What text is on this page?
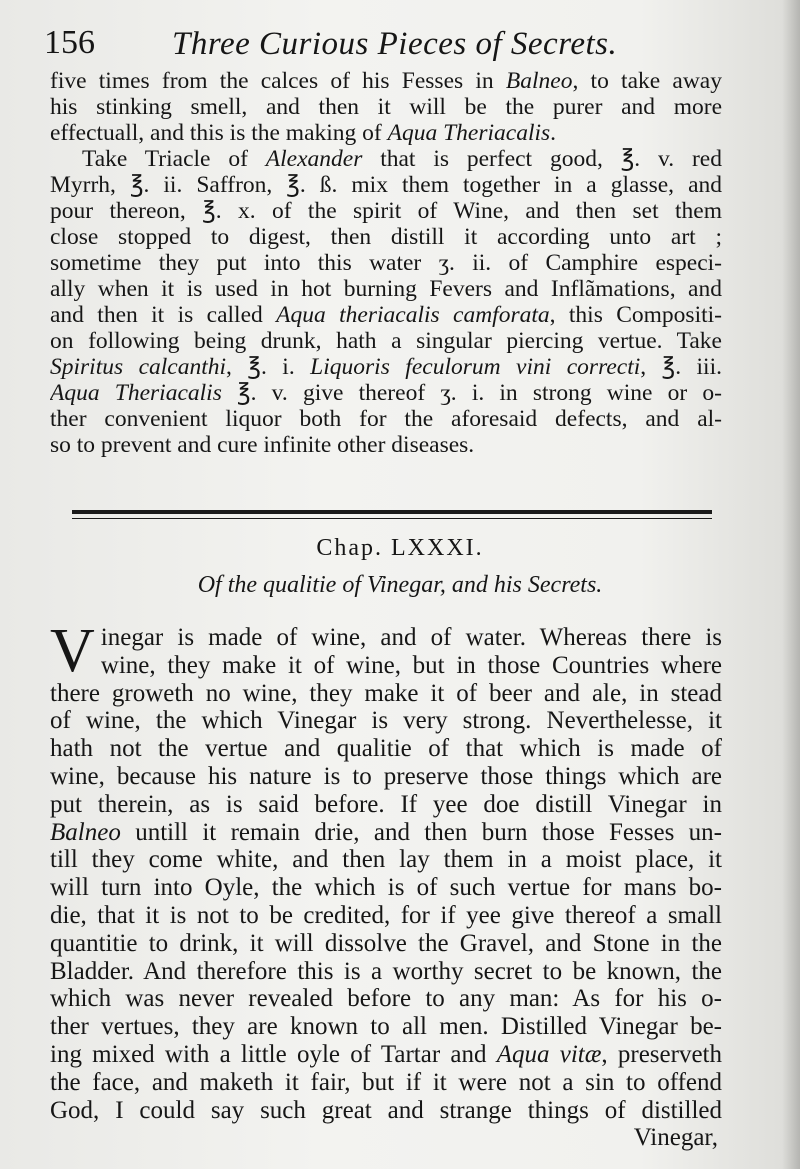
156 Three Curious Pieces of Secrets.
five times from the calces of his Fesses in Balneo, to take away
his stinking smell, and then it will be the purer and more
effectuall, and this is the making of Aqua Theriacalis.
Take Triacle of Alexander that is perfect good, ℥. v. red
Myrrh, ℥. ii. Saffron, ℥. ß. mix them together in a glasse, and
pour thereon, ℥. x. of the spirit of Wine, and then set them
close stopped to digest, then distill it according unto art ;
sometime they put into this water ʒ. ii. of Camphire especi-
ally when it is used in hot burning Fevers and Inflãmations, and
and then it is called Aqua theriacalis camforata, this Compositi-
on following being drunk, hath a singular piercing vertue. Take
Spiritus calcanthi, ℥. i. Liquoris feculorum vini correcti, ℥. iii.
Aqua Theriacalis ℥. v. give thereof ʒ. i. in strong wine or o-
ther convenient liquor both for the aforesaid defects, and al-
so to prevent and cure infinite other diseases.
Chap. LXXXI.
Of the qualitie of Vinegar, and his Secrets.
V inegar is made of wine, and of water. Whereas there is
wine, they make it of wine, but in those Countries where
there groweth no wine, they make it of beer and ale, in stead
of wine, the which Vinegar is very strong. Neverthelesse, it
hath not the vertue and qualitie of that which is made of
wine, because his nature is to preserve those things which are
put therein, as is said before. If yee doe distill Vinegar in
Balneo untill it remain drie, and then burn those Fesses un-
till they come white, and then lay them in a moist place, it
will turn into Oyle, the which is of such vertue for mans bo-
die, that it is not to be credited, for if yee give thereof a small
quantitie to drink, it will dissolve the Gravel, and Stone in the
Bladder. And therefore this is a worthy secret to be known, the
which was never revealed before to any man: As for his o-
ther vertues, they are known to all men. Distilled Vinegar be-
ing mixed with a little oyle of Tartar and Aqua vitæ, preserveth
the face, and maketh it fair, but if it were not a sin to offend
God, I could say such great and strange things of distilled
Vinegar,
